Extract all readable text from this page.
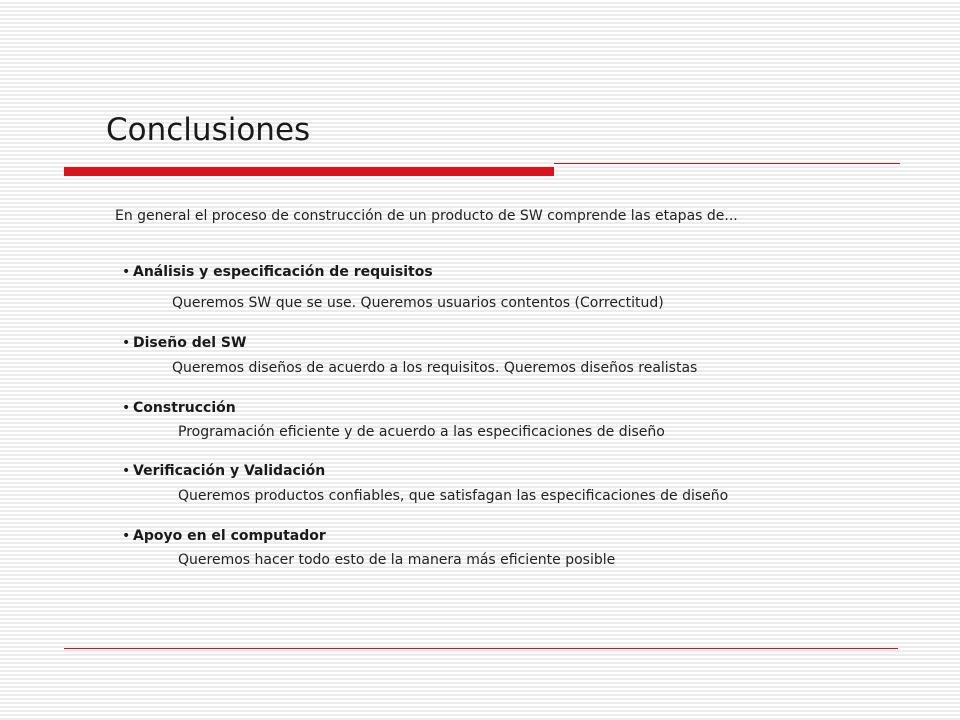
Conclusiones
En general el proceso de construcción de un producto de SW comprende las etapas de...
• Análisis y especificación de requisitos
Queremos SW que se use. Queremos usuarios contentos (Correctitud)
• Diseño del SW
Queremos diseños de acuerdo a los requisitos. Queremos diseños realistas
• Construcción
Programación eficiente y de acuerdo a las especificaciones de diseño
• Verificación y Validación
Queremos productos confiables, que satisfagan las especificaciones de diseño
• Apoyo en el computador
Queremos hacer todo esto de la manera más eficiente posible
